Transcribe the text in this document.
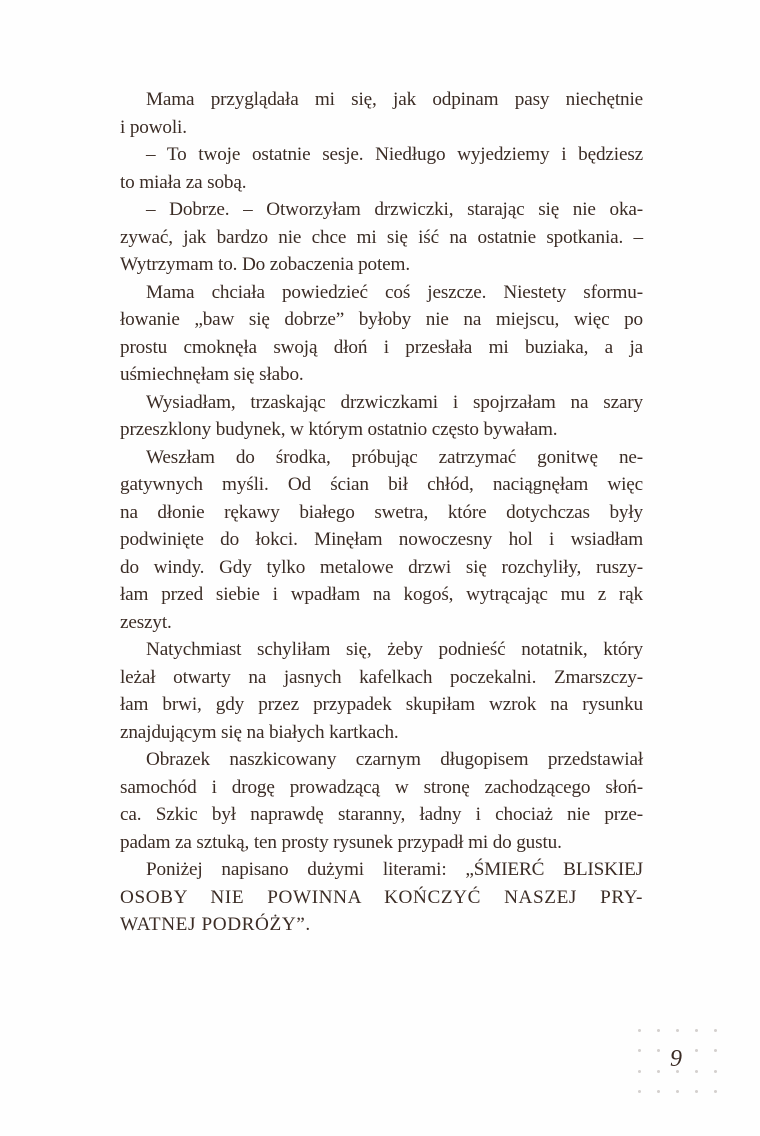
Mama przyglądała mi się, jak odpinam pasy niechętnie
i powoli.
– To twoje ostatnie sesje. Niedługo wyjedziemy i będziesz
to miała za sobą.
– Dobrze. – Otworzyłam drzwiczki, starając się nie oka-
zywać, jak bardzo nie chce mi się iść na ostatnie spotkania. –
Wytrzymam to. Do zobaczenia potem.
Mama chciała powiedzieć coś jeszcze. Niestety sformu-
łowanie „baw się dobrze” byłoby nie na miejscu, więc po
prostu cmoknęła swoją dłoń i przesłała mi buziaka, a ja
uśmiechnęłam się słabo.
Wysiadłam, trzaskając drzwiczkami i spojrzałam na szary
przeszklony budynek, w którym ostatnio często bywałam.
Weszłam do środka, próbując zatrzymać gonitwę ne-
gatywnych myśli. Od ścian bił chłód, naciągnęłam więc
na dłonie rękawy białego swetra, które dotychczas były
podwinięte do łokci. Minęłam nowoczesny hol i wsiadłam
do windy. Gdy tylko metalowe drzwi się rozchyliły, ruszy-
łam przed siebie i wpadłam na kogoś, wytrącając mu z rąk
zeszyt.
Natychmiast schyliłam się, żeby podnieść notatnik, który
leżał otwarty na jasnych kafelkach poczekalni. Zmarszczy-
łam brwi, gdy przez przypadek skupiłam wzrok na rysunku
znajdującym się na białych kartkach.
Obrazek naszkicowany czarnym długopisem przedstawiał
samochód i drogę prowadzącą w stronę zachodzącego słoń-
ca. Szkic był naprawdę staranny, ładny i chociaż nie prze-
padam za sztuką, ten prosty rysunek przypadł mi do gustu.
Poniżej napisano dużymi literami: „ŚMIERĆ BLISKIEJ
OSOBY NIE POWINNA KOŃCZYĆ NASZEJ PRY-
WATNEJ PODRÓŻY”.
9
